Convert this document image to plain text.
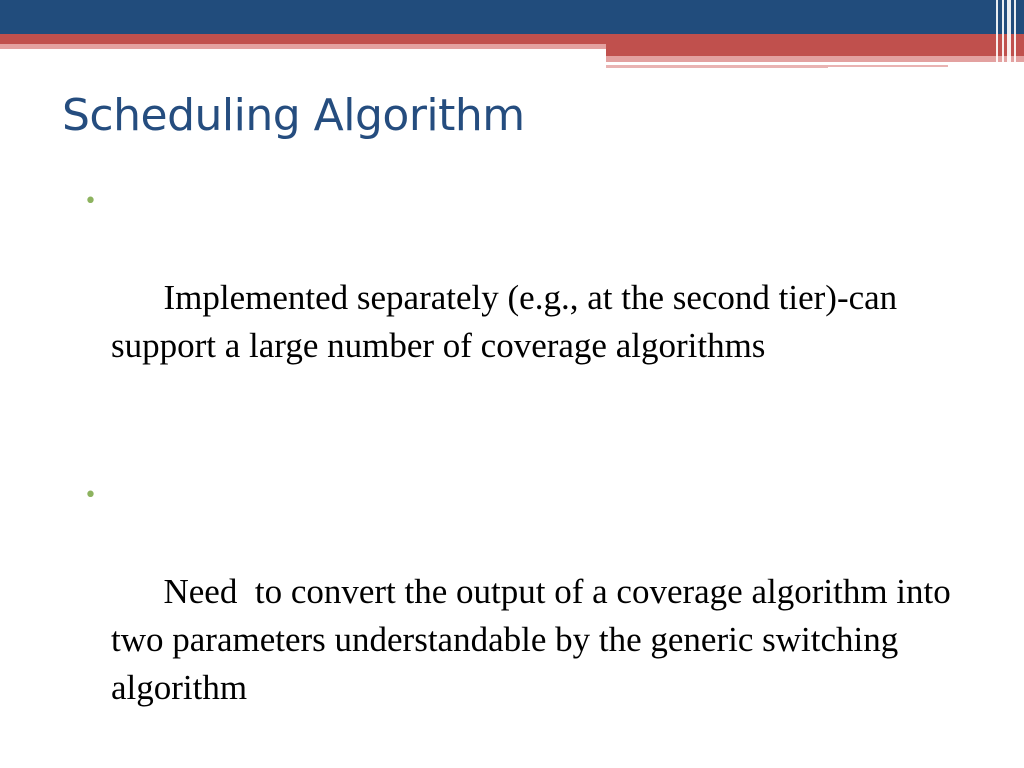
Scheduling Algorithm

•

Implemented separately (e.g., at the second tier)-can support a large number of coverage algorithms

•

Need  to convert the output of a coverage algorithm into two parameters understandable by the generic switching algorithm
